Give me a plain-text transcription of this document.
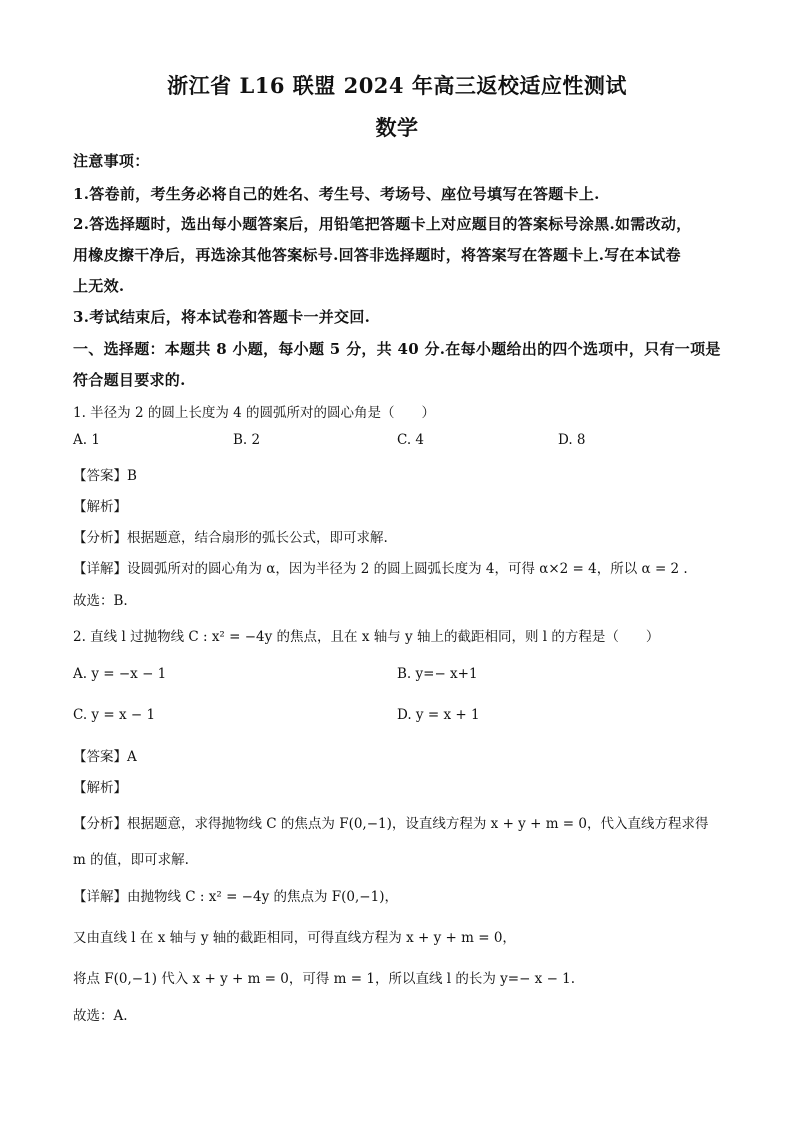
浙江省 L16 联盟 2024 年高三返校适应性测试
数学
注意事项：
1.答卷前，考生务必将自己的姓名、考生号、考场号、座位号填写在答题卡上.
2.答选择题时，选出每小题答案后，用铅笔把答题卡上对应题目的答案标号涂黑.如需改动，
用橡皮擦干净后，再选涂其他答案标号.回答非选择题时，将答案写在答题卡上.写在本试卷
上无效.
3.考试结束后，将本试卷和答题卡一并交回.
一、选择题：本题共 8 小题，每小题 5 分，共 40 分.在每小题给出的四个选项中，只有一项是
符合题目要求的.
1. 半径为 2 的圆上长度为 4 的圆弧所对的圆心角是（　　）
A. 1	B. 2	C. 4	D. 8
【答案】B
【解析】
【分析】根据题意，结合扇形的弧长公式，即可求解.
【详解】设圆弧所对的圆心角为 α，因为半径为 2 的圆上圆弧长度为 4，可得 α×2 = 4，所以 α = 2 .
故选：B.
2. 直线 l 过抛物线 C : x² = −4y 的焦点，且在 x 轴与 y 轴上的截距相同，则 l 的方程是（　　）
A. y = −x − 1	B. y=− x+1
C. y = x − 1	D. y = x + 1
【答案】A
【解析】
【分析】根据题意，求得抛物线 C 的焦点为 F(0,−1)，设直线方程为 x + y + m = 0，代入直线方程求得
m 的值，即可求解.
【详解】由抛物线 C : x² = −4y 的焦点为 F(0,−1)，
又由直线 l 在 x 轴与 y 轴的截距相同，可得直线方程为 x + y + m = 0，
将点 F(0,−1) 代入 x + y + m = 0，可得 m = 1，所以直线 l 的长为 y=− x − 1.
故选：A.
